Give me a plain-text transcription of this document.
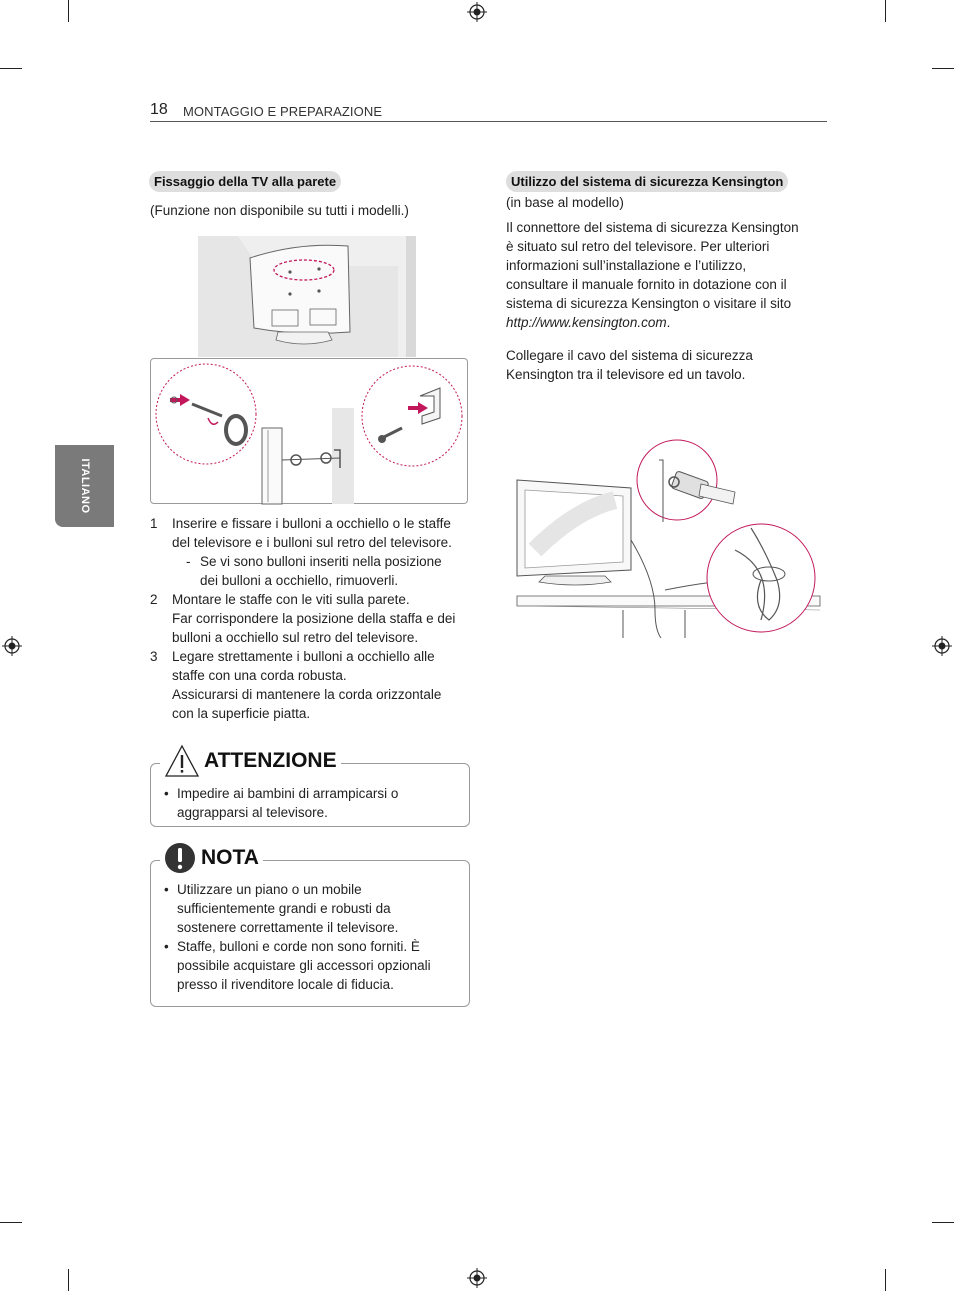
18 MONTAGGIO E PREPARAZIONE
ITALIANO
Fissaggio della TV alla parete
(Funzione non disponibile su tutti i modelli.)
1	Inserire e fissare i bulloni a occhiello o le staffe
del televisore e i bulloni sul retro del televisore.
- Se vi sono bulloni inseriti nella posizione
dei bulloni a occhiello, rimuoverli.
2	Montare le staffe con le viti sulla parete.
Far corrispondere la posizione della staffa e dei
bulloni a occhiello sul retro del televisore.
3	Legare strettamente i bulloni a occhiello alle
staffe con una corda robusta.
Assicurarsi di mantenere la corda orizzontale
con la superficie piatta.
• Impedire ai bambini di arrampicarsi o
aggrapparsi al televisore.
ATTENZIONE
• Utilizzare un piano o un mobile
sufficientemente grandi e robusti da
sostenere correttamente il televisore.
• Staffe, bulloni e corde non sono forniti. È
possibile acquistare gli accessori opzionali
presso il rivenditore locale di fiducia.
NOTA
Utilizzo del sistema di sicurezza Kensington
(in base al modello)
Il connettore del sistema di sicurezza Kensington
è situato sul retro del televisore. Per ulteriori
informazioni sull’installazione e l’utilizzo,
consultare il manuale fornito in dotazione con il
sistema di sicurezza Kensington o visitare il sito
http://www.kensington.com.
Collegare il cavo del sistema di sicurezza
Kensington tra il televisore ed un tavolo.
